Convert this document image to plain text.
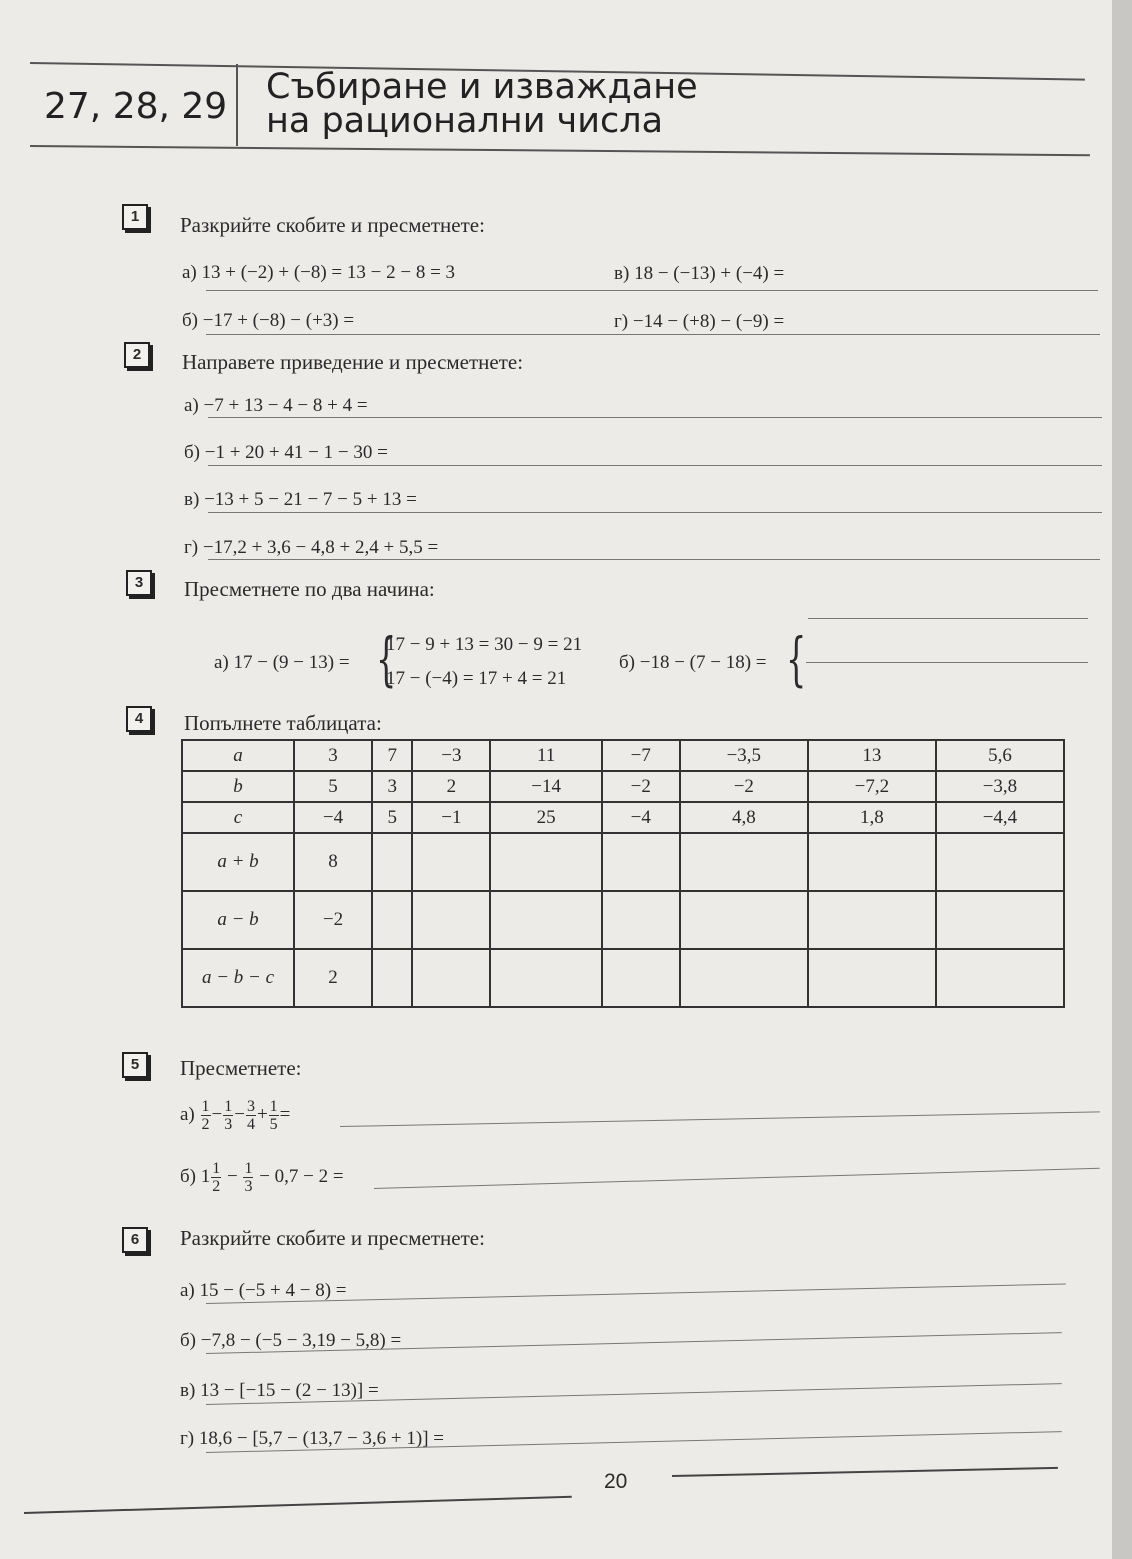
27, 28, 29 Събиране и изваждане
на рационални числа
1	Разкрийте скобите и пресметнете:
а) 13 + (−2) + (−8) = 13 − 2 − 8 = 3	в) 18 − (−13) + (−4) =
б) −17 + (−8) − (+3) =	г) −14 − (+8) − (−9) =
2	Направете приведение и пресметнете:
а) −7 + 13 − 4 − 8 + 4 =
б) −1 + 20 + 41 − 1 − 30 =
в) −13 + 5 − 21 − 7 − 5 + 13 =
г) −17,2 + 3,6 − 4,8 + 2,4 + 5,5 =
3	Пресметнете по два начина:
а) 17 − (9 − 13) = {
17 − 9 + 13 = 30 − 9 = 21
17 − (−4) = 17 + 4 = 21
б) −18 − (7 − 18) = {
4	Попълнете таблицата:
a	3	7	−3	11	−7	−3,5	13	5,6
b	5	3	2	−14	−2	−2	−7,2	−3,8
c	−4	5	−1	25	−4	4,8	1,8	−4,4
a + b	8							
a − b	−2							
a − b − c	2							
5	Пресметнете:
$а) \frac{1}{2} - \frac{1}{3} - \frac{3}{4} + \frac{1}{5}$ =
б) $1 \frac{1}{2} - \frac{1}{3} - 0,7 - 2$ =
6	Разкрийте скобите и пресметнете:
а) 15 − (−5 + 4 − 8) =
б) −7,8 − (−5 − 3,19 − 5,8) =
в) 13 − [−15 − (2 − 13)] =
г) 18,6 − [5,7 − (13,7 − 3,6 + 1)] =
20
